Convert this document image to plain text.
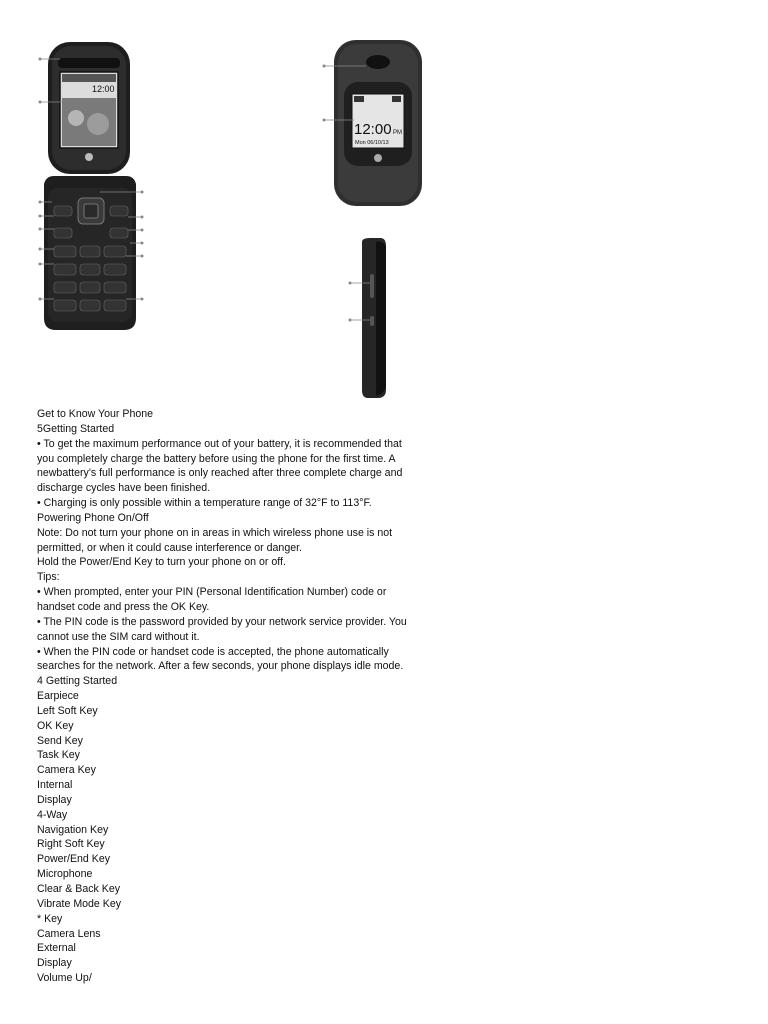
12:00
12:00 PM
Mon 06/10/13
Get to Know Your Phone
5Getting Started
• To get the maximum performance out of your battery, it is recommended that
you completely charge the battery before using the phone for the first time. A
newbattery's full performance is only reached after three complete charge and
discharge cycles have been finished.
• Charging is only possible within a temperature range of 32°F to 113°F.
Powering Phone On/Off
Note: Do not turn your phone on in areas in which wireless phone use is not
permitted, or when it could cause interference or danger.
Hold the Power/End Key to turn your phone on or off.
Tips:
• When prompted, enter your PIN (Personal Identification Number) code or
handset code and press the OK Key.
• The PIN code is the password provided by your network service provider. You
cannot use the SIM card without it.
• When the PIN code or handset code is accepted, the phone automatically
searches for the network. After a few seconds, your phone displays idle mode.
4 Getting Started
Earpiece
Left Soft Key
OK Key
Send Key
Task Key
Camera Key
Internal
Display
4-Way
Navigation Key
Right Soft Key
Power/End Key
Microphone
Clear & Back Key
Vibrate Mode Key
* Key
Camera Lens
External
Display
Volume Up/
